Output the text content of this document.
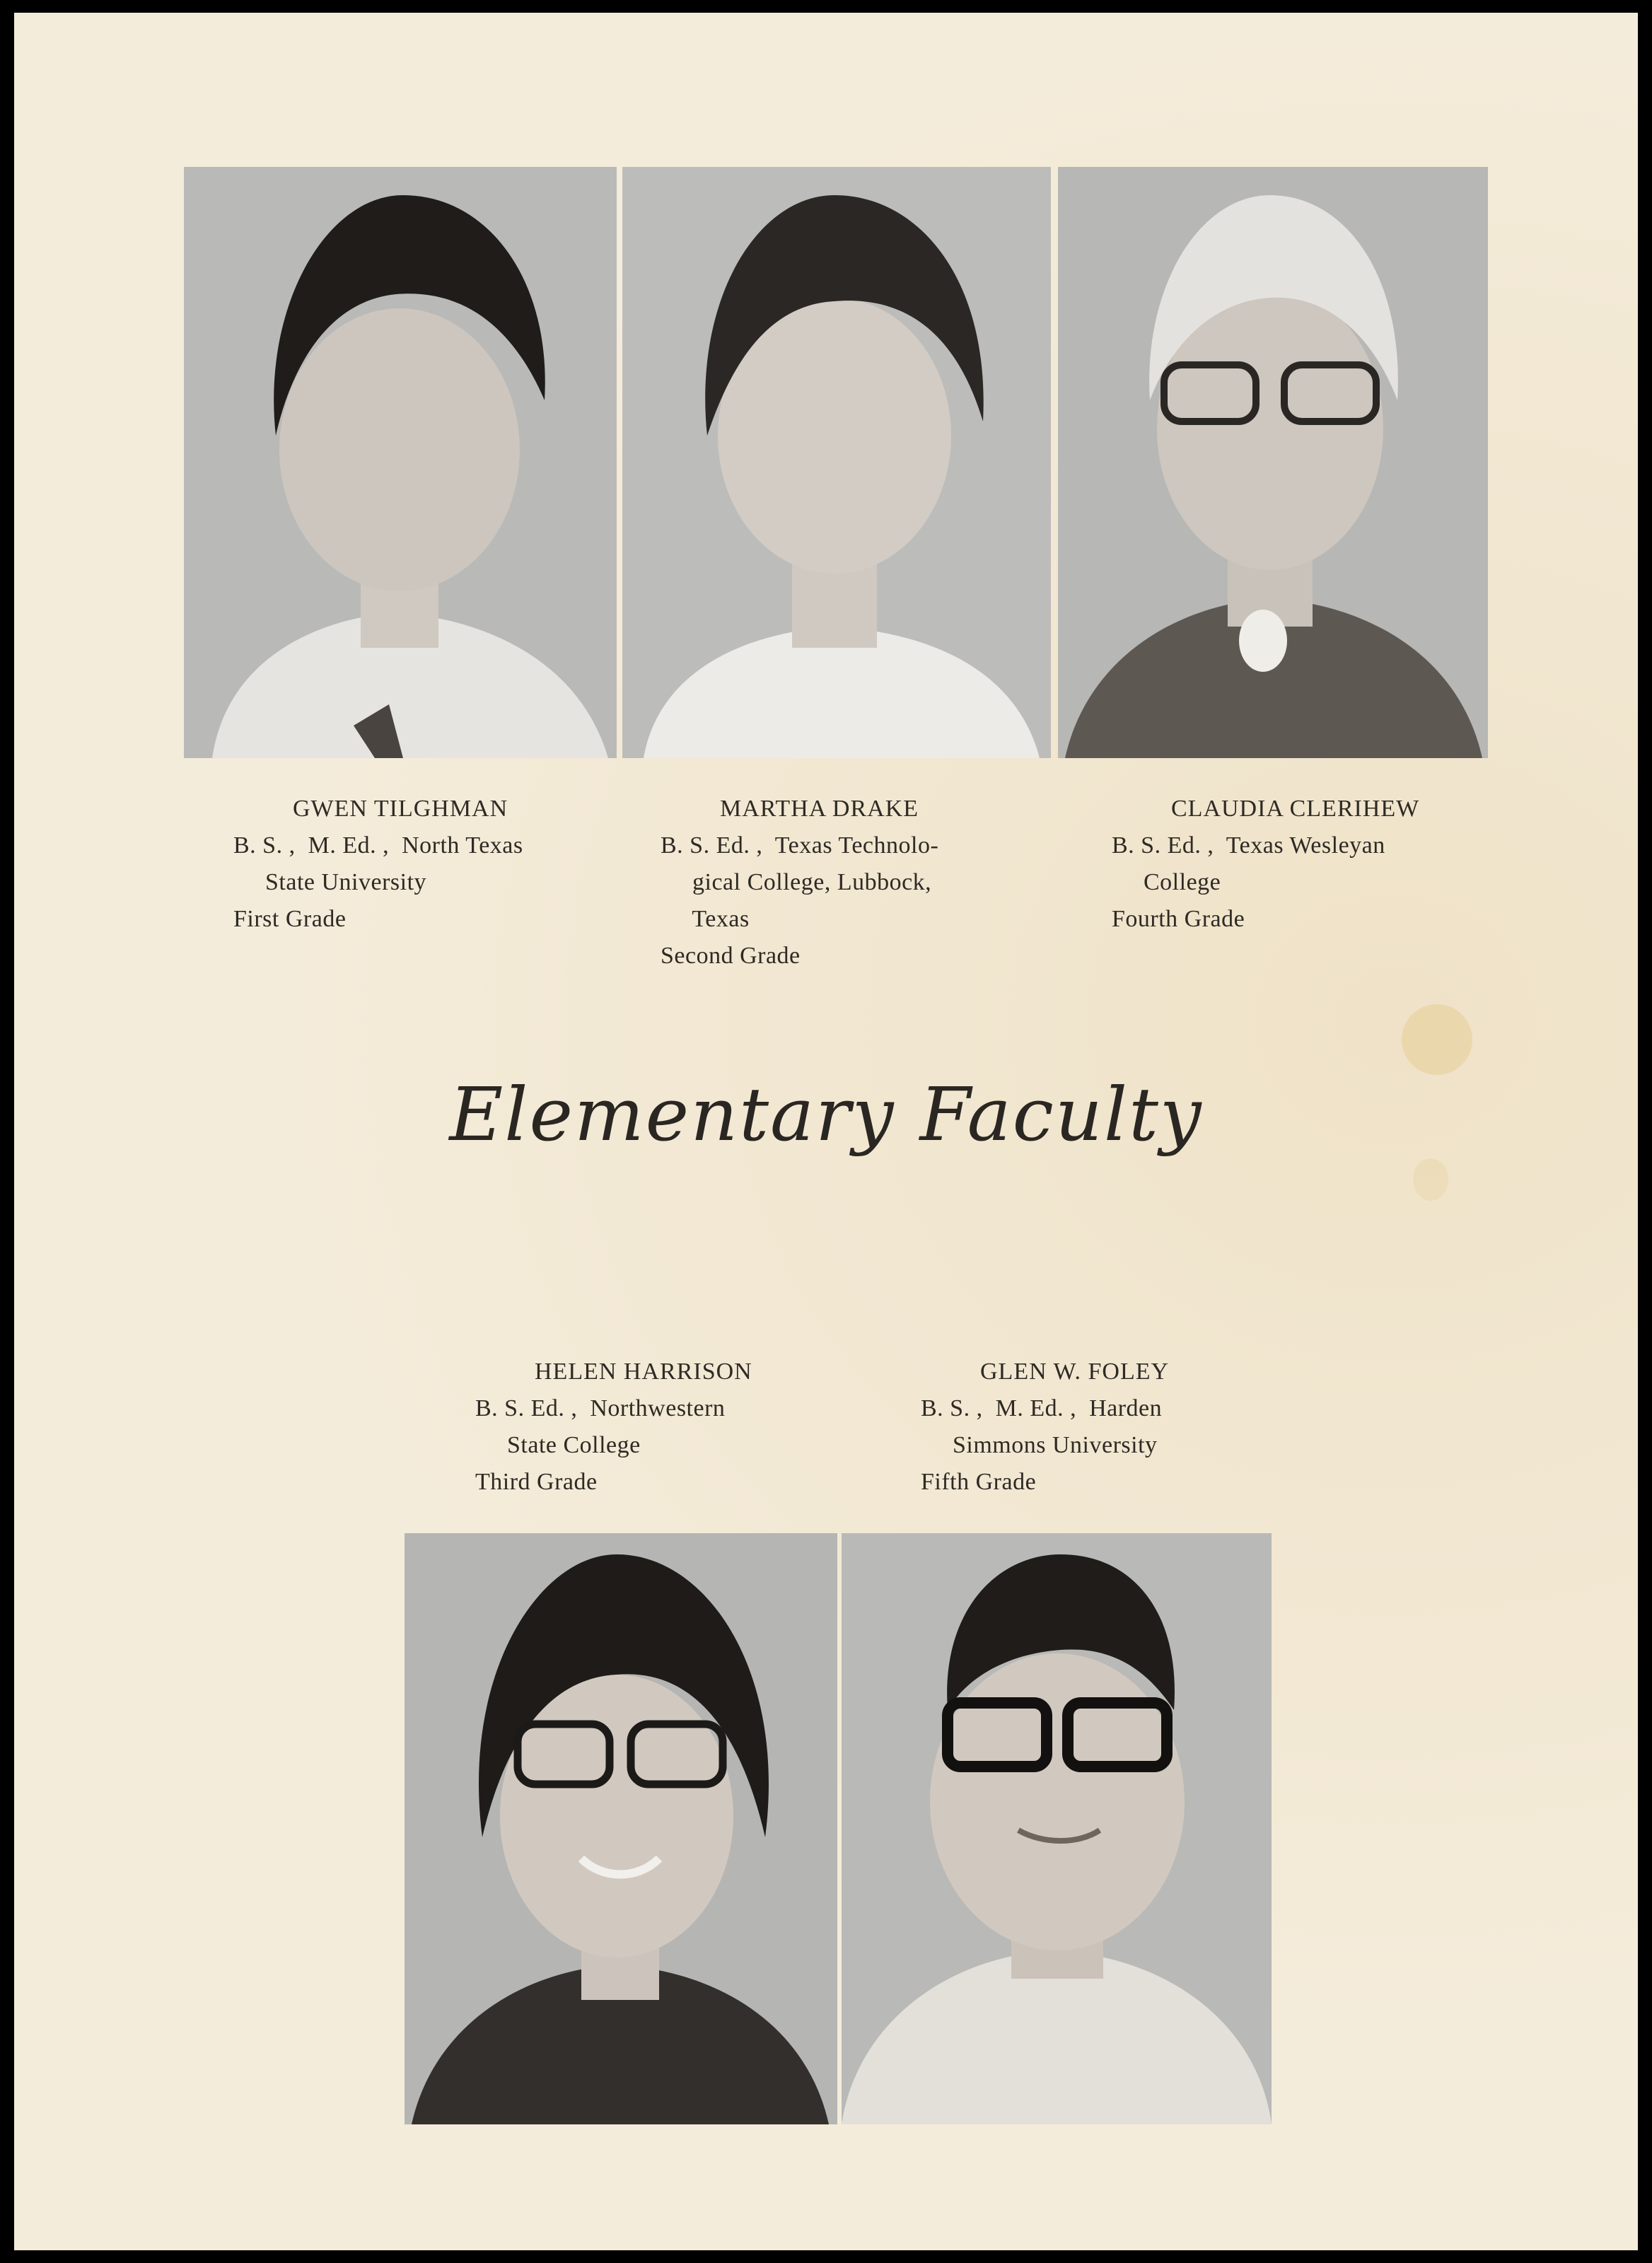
GWEN TILGHMAN
B. S. ,  M. Ed. ,  North Texas
State University
First Grade
MARTHA DRAKE
B. S. Ed. ,  Texas Technolo-
gical College, Lubbock,
Texas
Second Grade
CLAUDIA CLERIHEW
B. S. Ed. ,  Texas Wesleyan
College
Fourth Grade
Elementary Faculty
HELEN HARRISON
B. S. Ed. ,  Northwestern
State College
Third Grade
GLEN W. FOLEY
B. S. ,  M. Ed. ,  Harden
Simmons University
Fifth Grade
